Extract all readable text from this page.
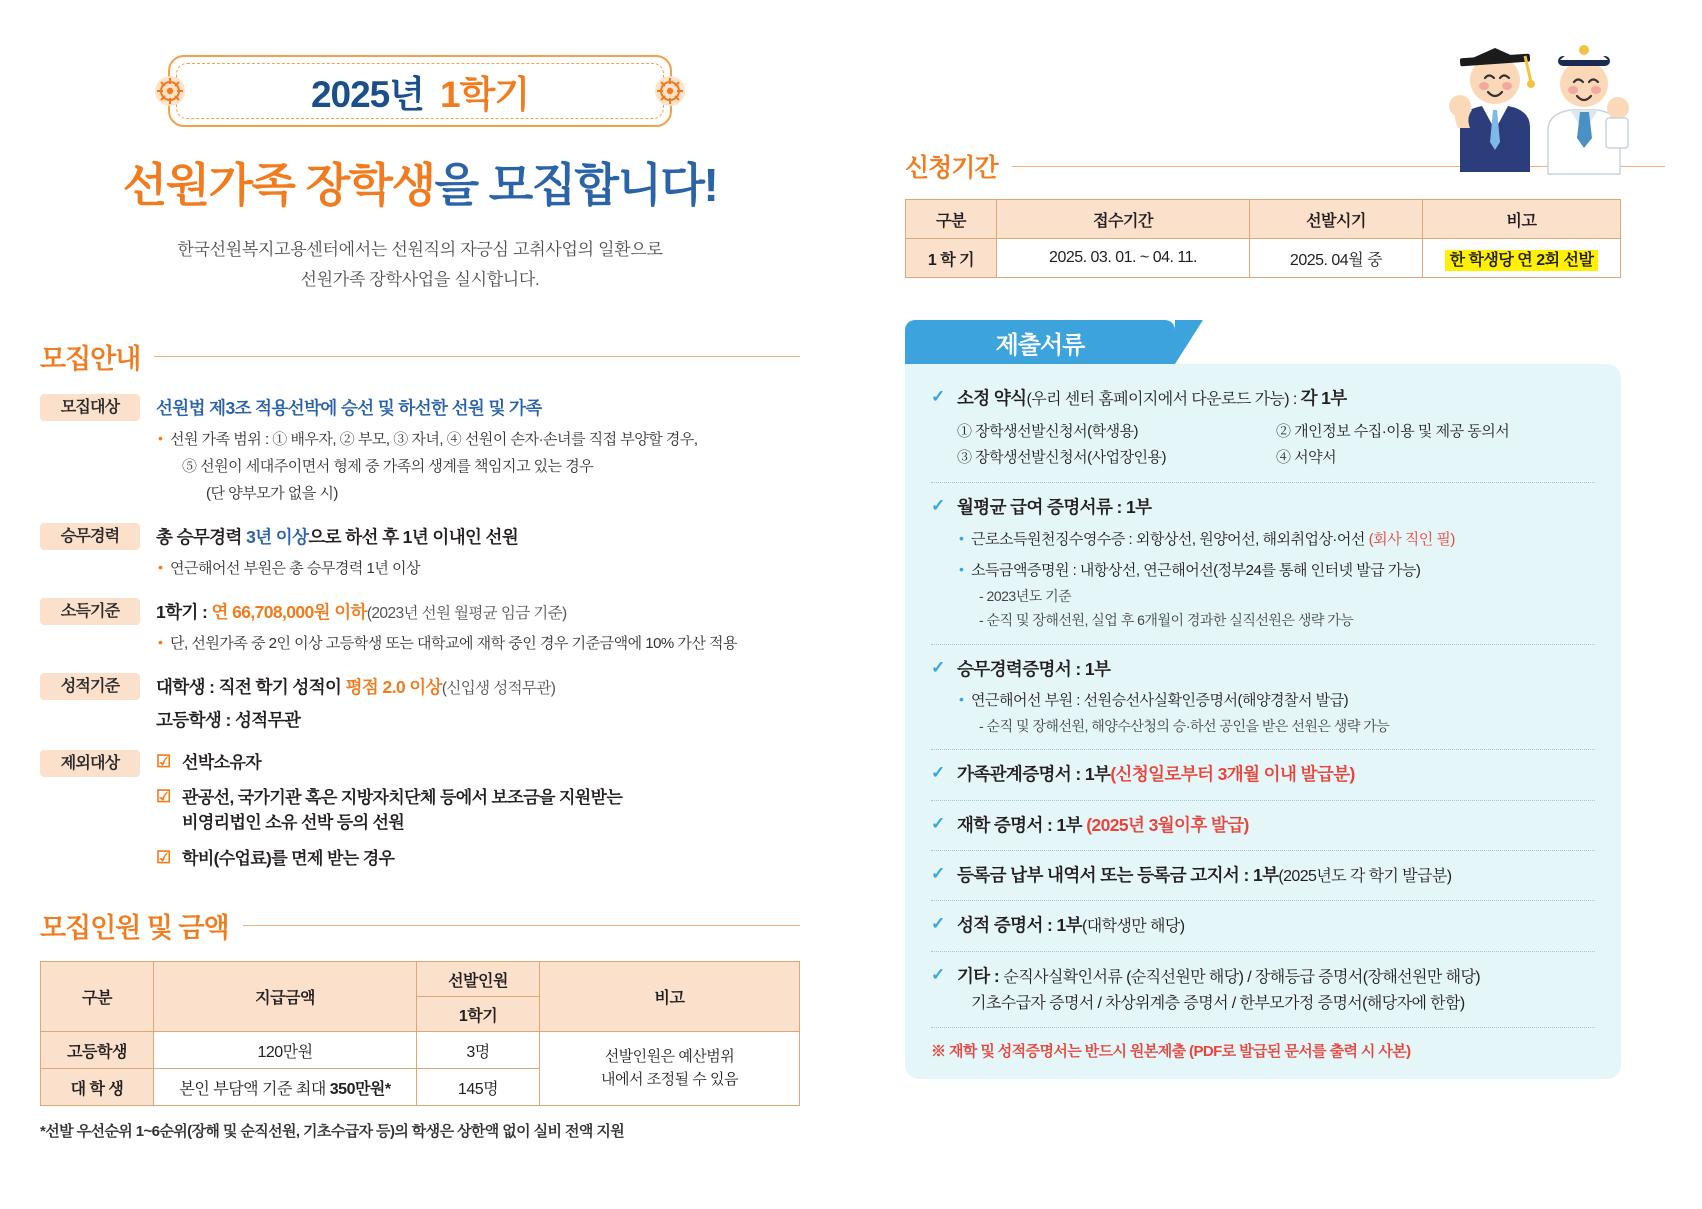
2025년 1학기
선원가족 장학생을 모집합니다!
한국선원복지고용센터에서는 선원직의 자긍심 고취사업의 일환으로
선원가족 장학사업을 실시합니다.
모집안내
모집대상	선원법 제3조 적용선박에 승선 및 하선한 선원 및 가족
• 선원 가족 범위 : ① 배우자, ② 부모, ③ 자녀, ④ 선원이 손자·손녀를 직접 부양할 경우,
⑤ 선원이 세대주이면서 형제 중 가족의 생계를 책임지고 있는 경우
(단 양부모가 없을 시)
승무경력	총 승무경력 3년 이상으로 하선 후 1년 이내인 선원
• 연근해어선 부원은 총 승무경력 1년 이상
소득기준	1학기 : 연 66,708,000원 이하(2023년 선원 월평균 임금 기준)
• 단, 선원가족 중 2인 이상 고등학생 또는 대학교에 재학 중인 경우 기준금액에 10% 가산 적용
성적기준	대학생 : 직전 학기 성적이 평점 2.0 이상(신입생 성적무관)
고등학생 : 성적무관
제외대상	☑ 선박소유자
☑ 관공선, 국가기관 혹은 지방자치단체 등에서 보조금을 지원받는
비영리법인 소유 선박 등의 선원
☑ 학비(수업료)를 면제 받는 경우
모집인원 및 금액
구분	지급금액	선발인원	비고
		1학기	
고등학생	120만원	3명	선발인원은 예산범위
내에서 조정될 수 있음
대 학 생	본인 부담액 기준 최대 350만원*	145명	
*선발 우선순위 1~6순위(장해 및 순직선원, 기초수급자 등)의 학생은 상한액 없이 실비 전액 지원
신청기간
구분	접수기간	선발시기	비고
1 학 기	2025. 03. 01. ~ 04. 11.	2025. 04월 중	한 학생당 연 2회 선발
제출서류
✓ 소정 약식(우리 센터 홈페이지에서 다운로드 가능) : 각 1부
① 장학생선발신청서(학생용)	② 개인정보 수집·이용 및 제공 동의서
③ 장학생선발신청서(사업장인용)	④ 서약서
✓ 월평균 급여 증명서류 : 1부
• 근로소득원천징수영수증 : 외항상선, 원양어선, 해외취업상·어선 (회사 직인 필)
• 소득금액증명원 : 내항상선, 연근해어선(정부24를 통해 인터넷 발급 가능)
- 2023년도 기준
- 순직 및 장해선원, 실업 후 6개월이 경과한 실직선원은 생략 가능
✓ 승무경력증명서 : 1부
• 연근해어선 부원 : 선원승선사실확인증명서(해양경찰서 발급)
- 순직 및 장해선원, 해양수산청의 승·하선 공인을 받은 선원은 생략 가능
✓ 가족관계증명서 : 1부(신청일로부터 3개월 이내 발급분)
✓ 재학 증명서 : 1부 (2025년 3월이후 발급)
✓ 등록금 납부 내역서 또는 등록금 고지서 : 1부(2025년도 각 학기 발급분)
✓ 성적 증명서 : 1부(대학생만 해당)
✓ 기타 : 순직사실확인서류 (순직선원만 해당) / 장해등급 증명서(장해선원만 해당)
기초수급자 증명서 / 차상위계층 증명서 / 한부모가정 증명서(해당자에 한함)
※ 재학 및 성적증명서는 반드시 원본제출 (PDF로 발급된 문서를 출력 시 사본)
